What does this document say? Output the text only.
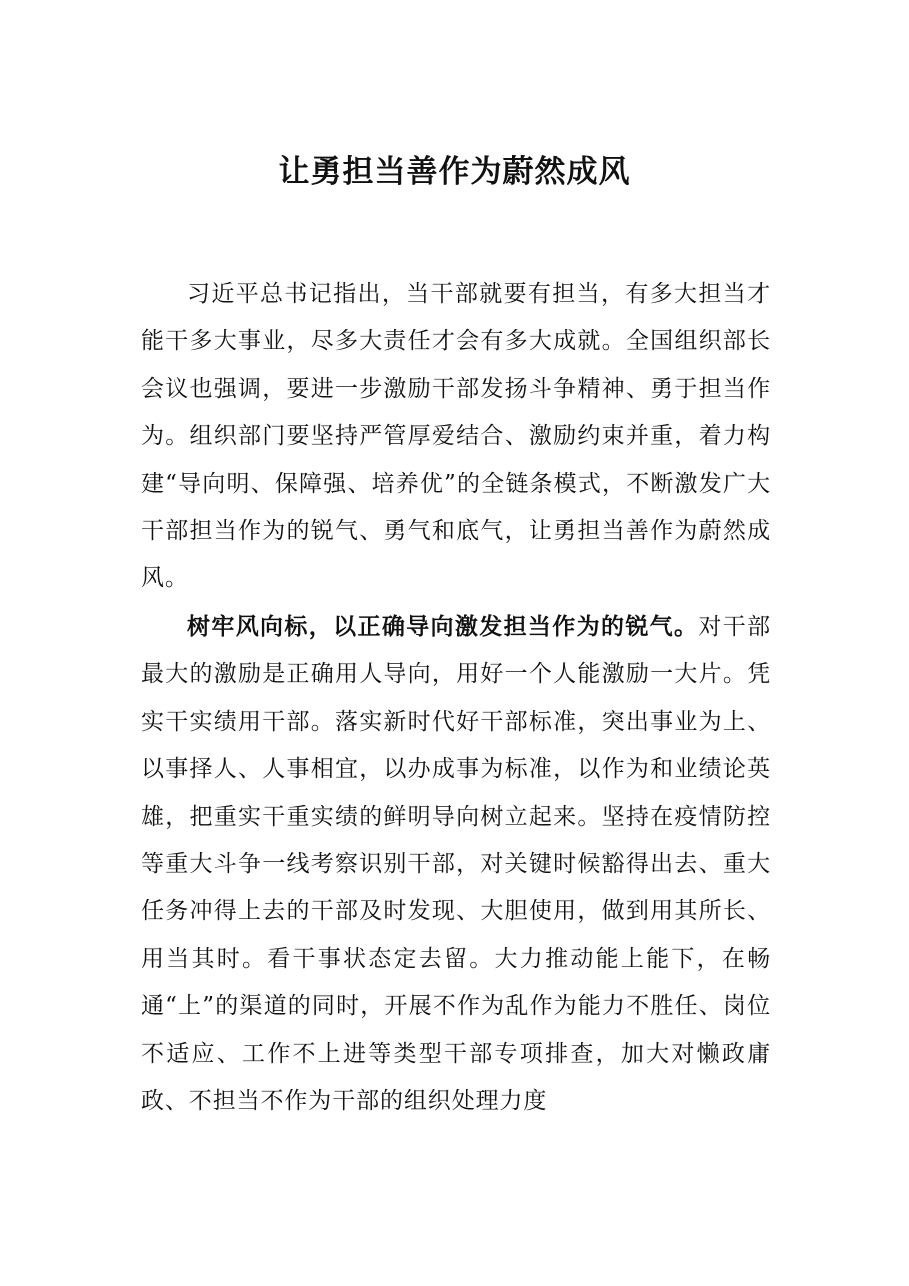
让勇担当善作为蔚然成风

习近平总书记指出，当干部就要有担当，有多大担当才能干多大事业，尽多大责任才会有多大成就。全国组织部长会议也强调，要进一步激励干部发扬斗争精神、勇于担当作为。组织部门要坚持严管厚爱结合、激励约束并重，着力构建“导向明、保障强、培养优”的全链条模式，不断激发广大干部担当作为的锐气、勇气和底气，让勇担当善作为蔚然成风。

树牢风向标，以正确导向激发担当作为的锐气。对干部最大的激励是正确用人导向，用好一个人能激励一大片。凭实干实绩用干部。落实新时代好干部标准，突出事业为上、以事择人、人事相宜，以办成事为标准，以作为和业绩论英雄，把重实干重实绩的鲜明导向树立起来。坚持在疫情防控等重大斗争一线考察识别干部，对关键时候豁得出去、重大任务冲得上去的干部及时发现、大胆使用，做到用其所长、用当其时。看干事状态定去留。大力推动能上能下，在畅通“上”的渠道的同时，开展不作为乱作为能力不胜任、岗位不适应、工作不上进等类型干部专项排查，加大对懒政庸政、不担当不作为干部的组织处理力度
